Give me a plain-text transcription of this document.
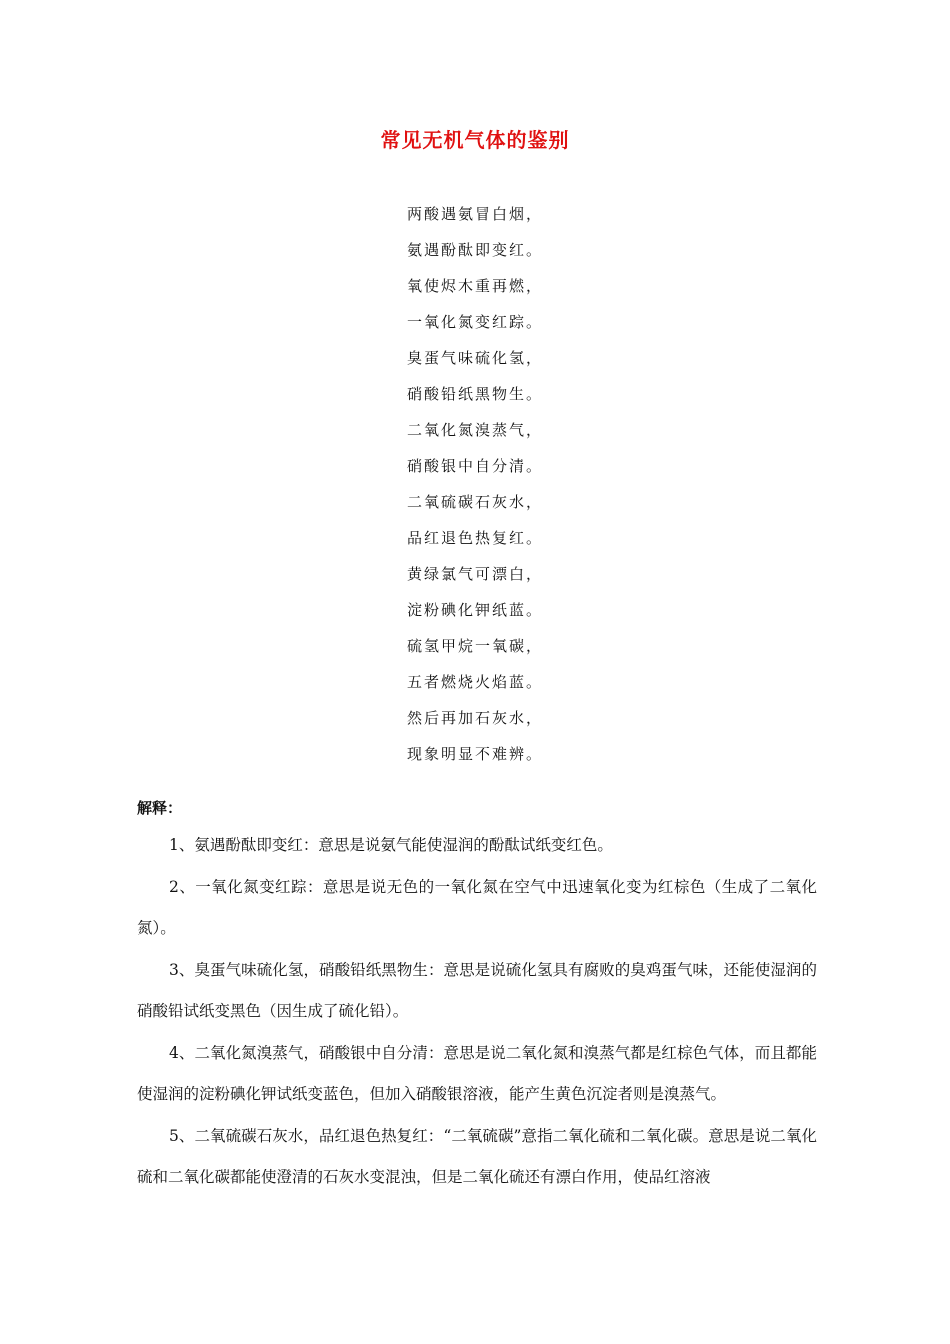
常见无机气体的鉴别
两酸遇氨冒白烟，
氨遇酚酞即变红。
氧使烬木重再燃，
一氧化氮变红踪。
臭蛋气味硫化氢，
硝酸铅纸黑物生。
二氧化氮溴蒸气，
硝酸银中自分清。
二氧硫碳石灰水，
品红退色热复红。
黄绿氯气可漂白，
淀粉碘化钾纸蓝。
硫氢甲烷一氧碳，
五者燃烧火焰蓝。
然后再加石灰水，
现象明显不难辨。
解释：

1、氨遇酚酞即变红：意思是说氨气能使湿润的酚酞试纸变红色。

2、一氧化氮变红踪：意思是说无色的一氧化氮在空气中迅速氧化变为红棕色（生成了二氧化氮）。

3、臭蛋气味硫化氢，硝酸铅纸黑物生：意思是说硫化氢具有腐败的臭鸡蛋气味，还能使湿润的硝酸铅试纸变黑色（因生成了硫化铅）。

4、二氧化氮溴蒸气，硝酸银中自分清：意思是说二氧化氮和溴蒸气都是红棕色气体，而且都能使湿润的淀粉碘化钾试纸变蓝色，但加入硝酸银溶液，能产生黄色沉淀者则是溴蒸气。

5、二氧硫碳石灰水，品红退色热复红：“二氧硫碳”意指二氧化硫和二氧化碳。意思是说二氧化硫和二氧化碳都能使澄清的石灰水变混浊，但是二氧化硫还有漂白作用，使品红溶液
